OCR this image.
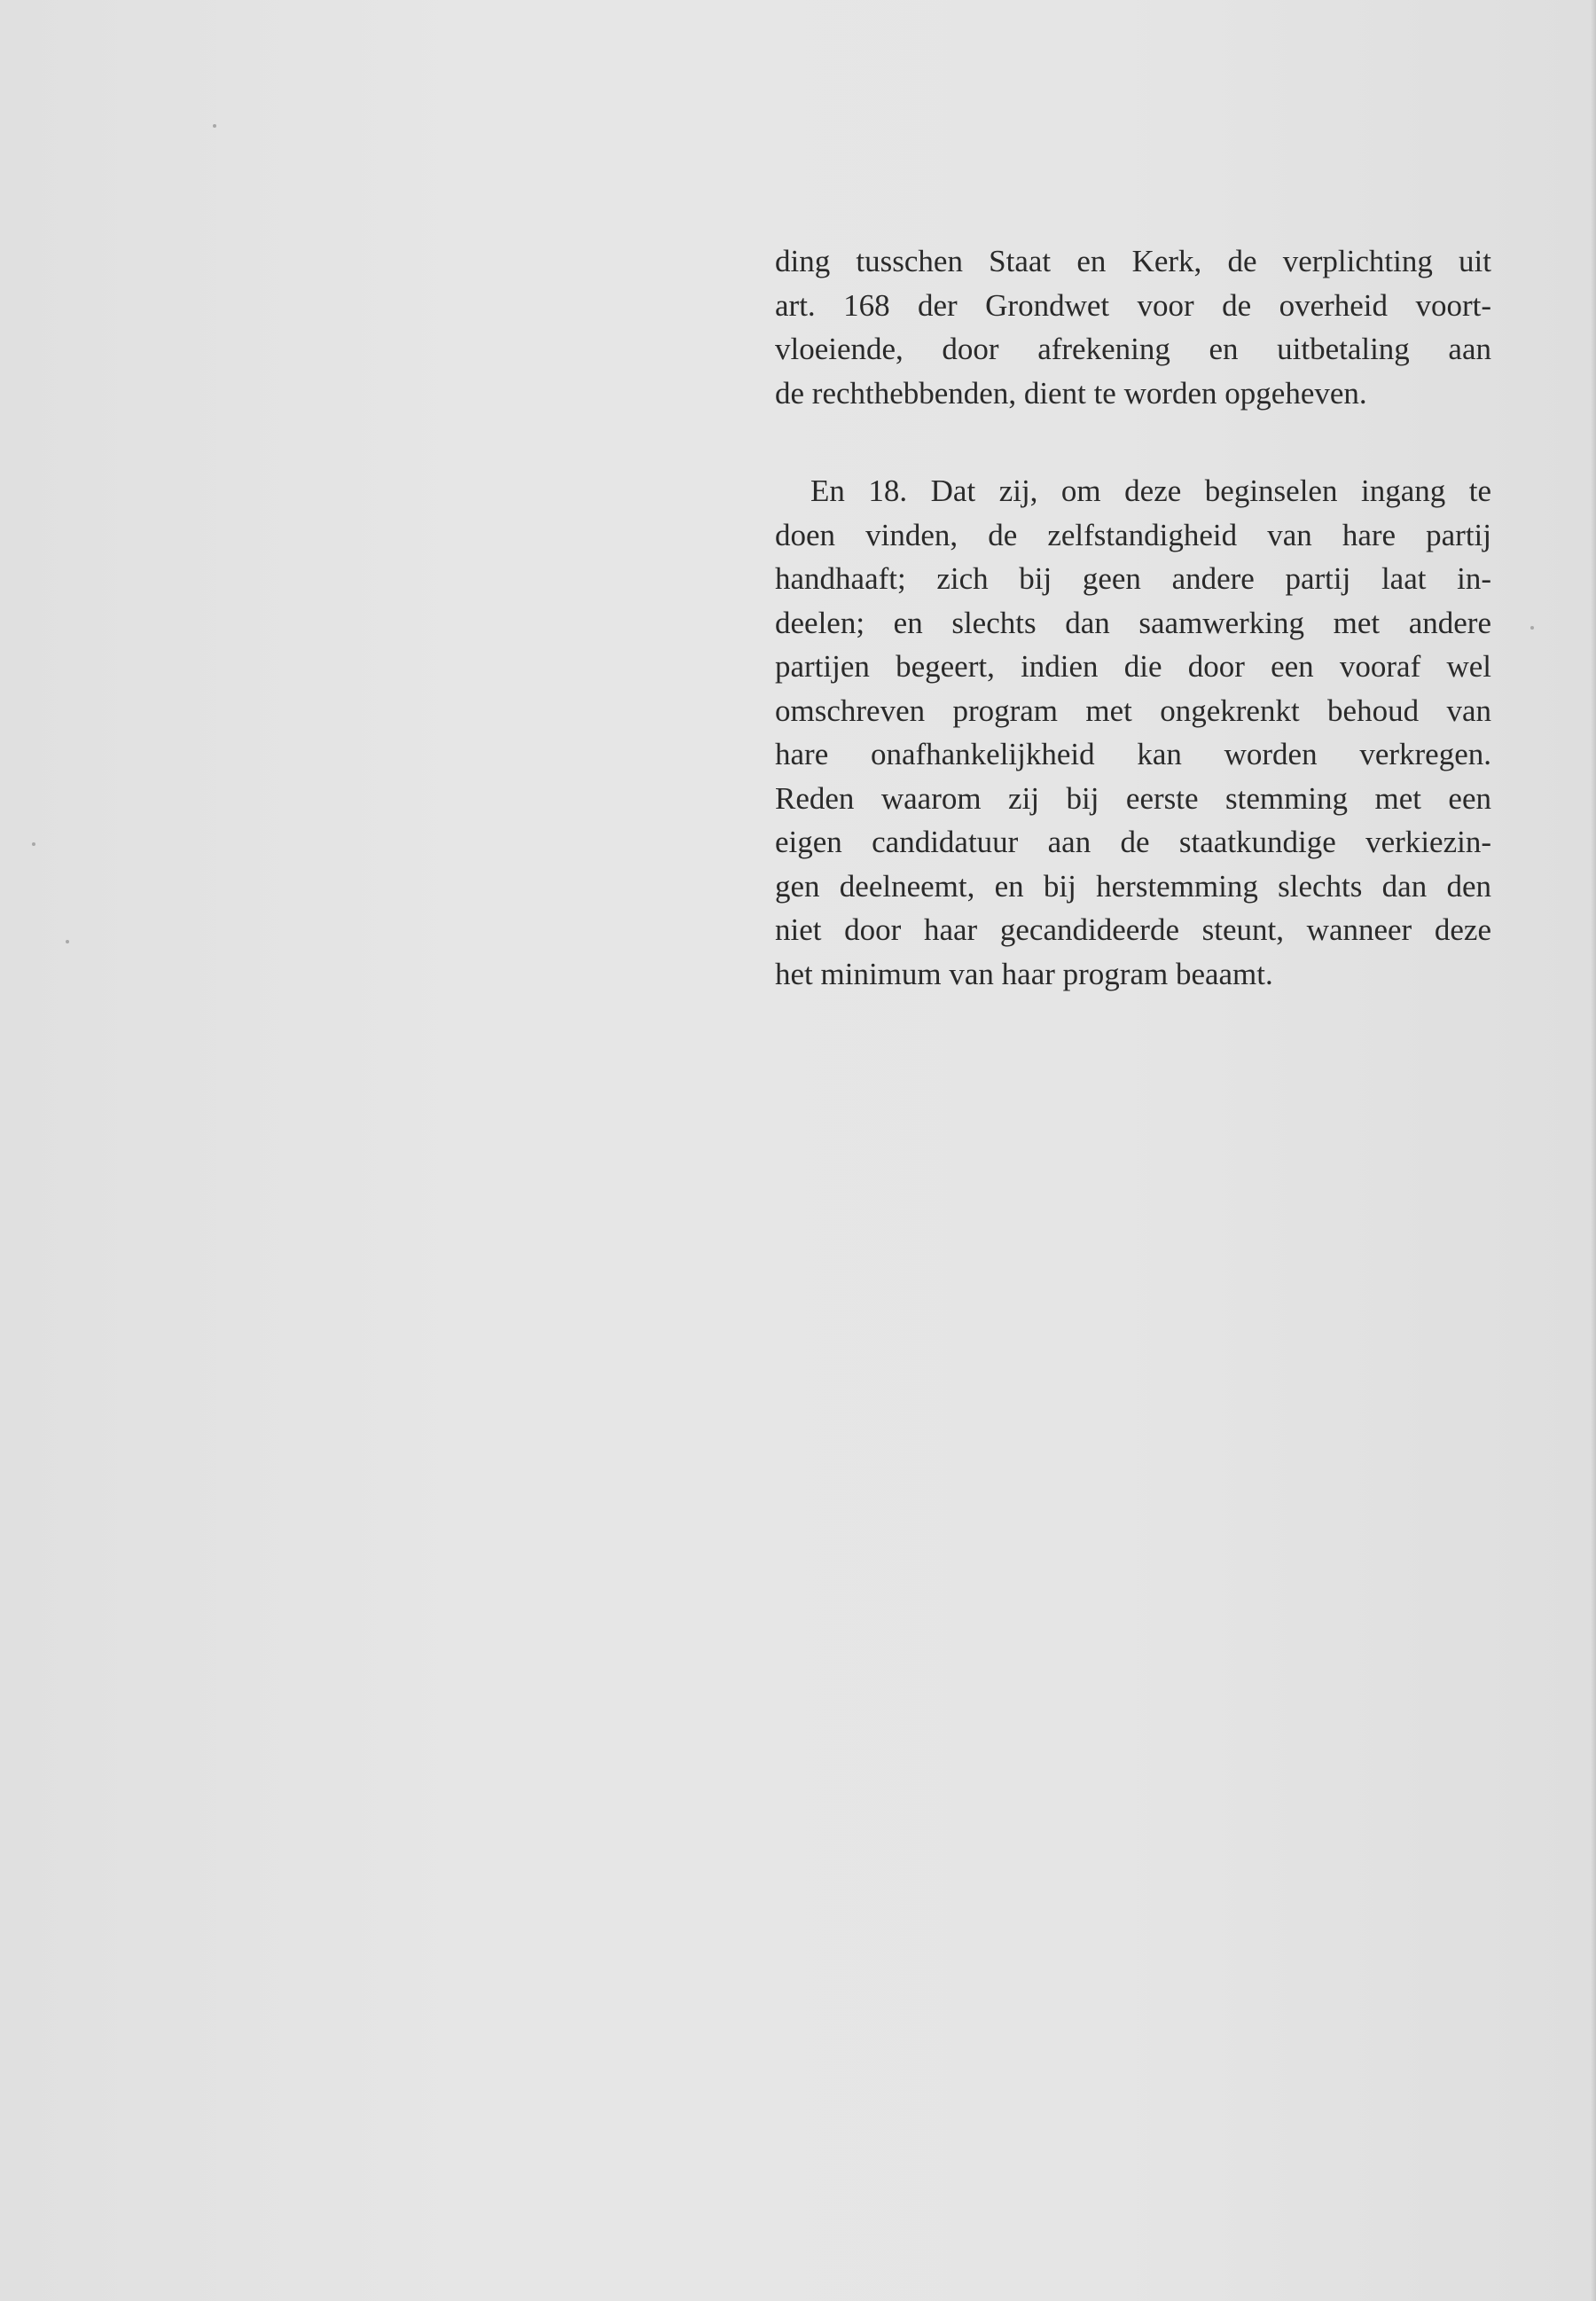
ding tusschen Staat en Kerk, de verplichting uit
art. 168 der Grondwet voor de overheid voort-
vloeiende, door afrekening en uitbetaling aan
de rechthebbenden, dient te worden opgeheven.

En 18. Dat zij, om deze beginselen ingang te
doen vinden, de zelfstandigheid van hare partij
handhaaft; zich bij geen andere partij laat in-
deelen; en slechts dan saamwerking met andere
partijen begeert, indien die door een vooraf wel
omschreven program met ongekrenkt behoud van
hare onafhankelijkheid kan worden verkregen.
Reden waarom zij bij eerste stemming met een
eigen candidatuur aan de staatkundige verkiezin-
gen deelneemt, en bij herstemming slechts dan den
niet door haar gecandideerde steunt, wanneer deze
het minimum van haar program beaamt.
